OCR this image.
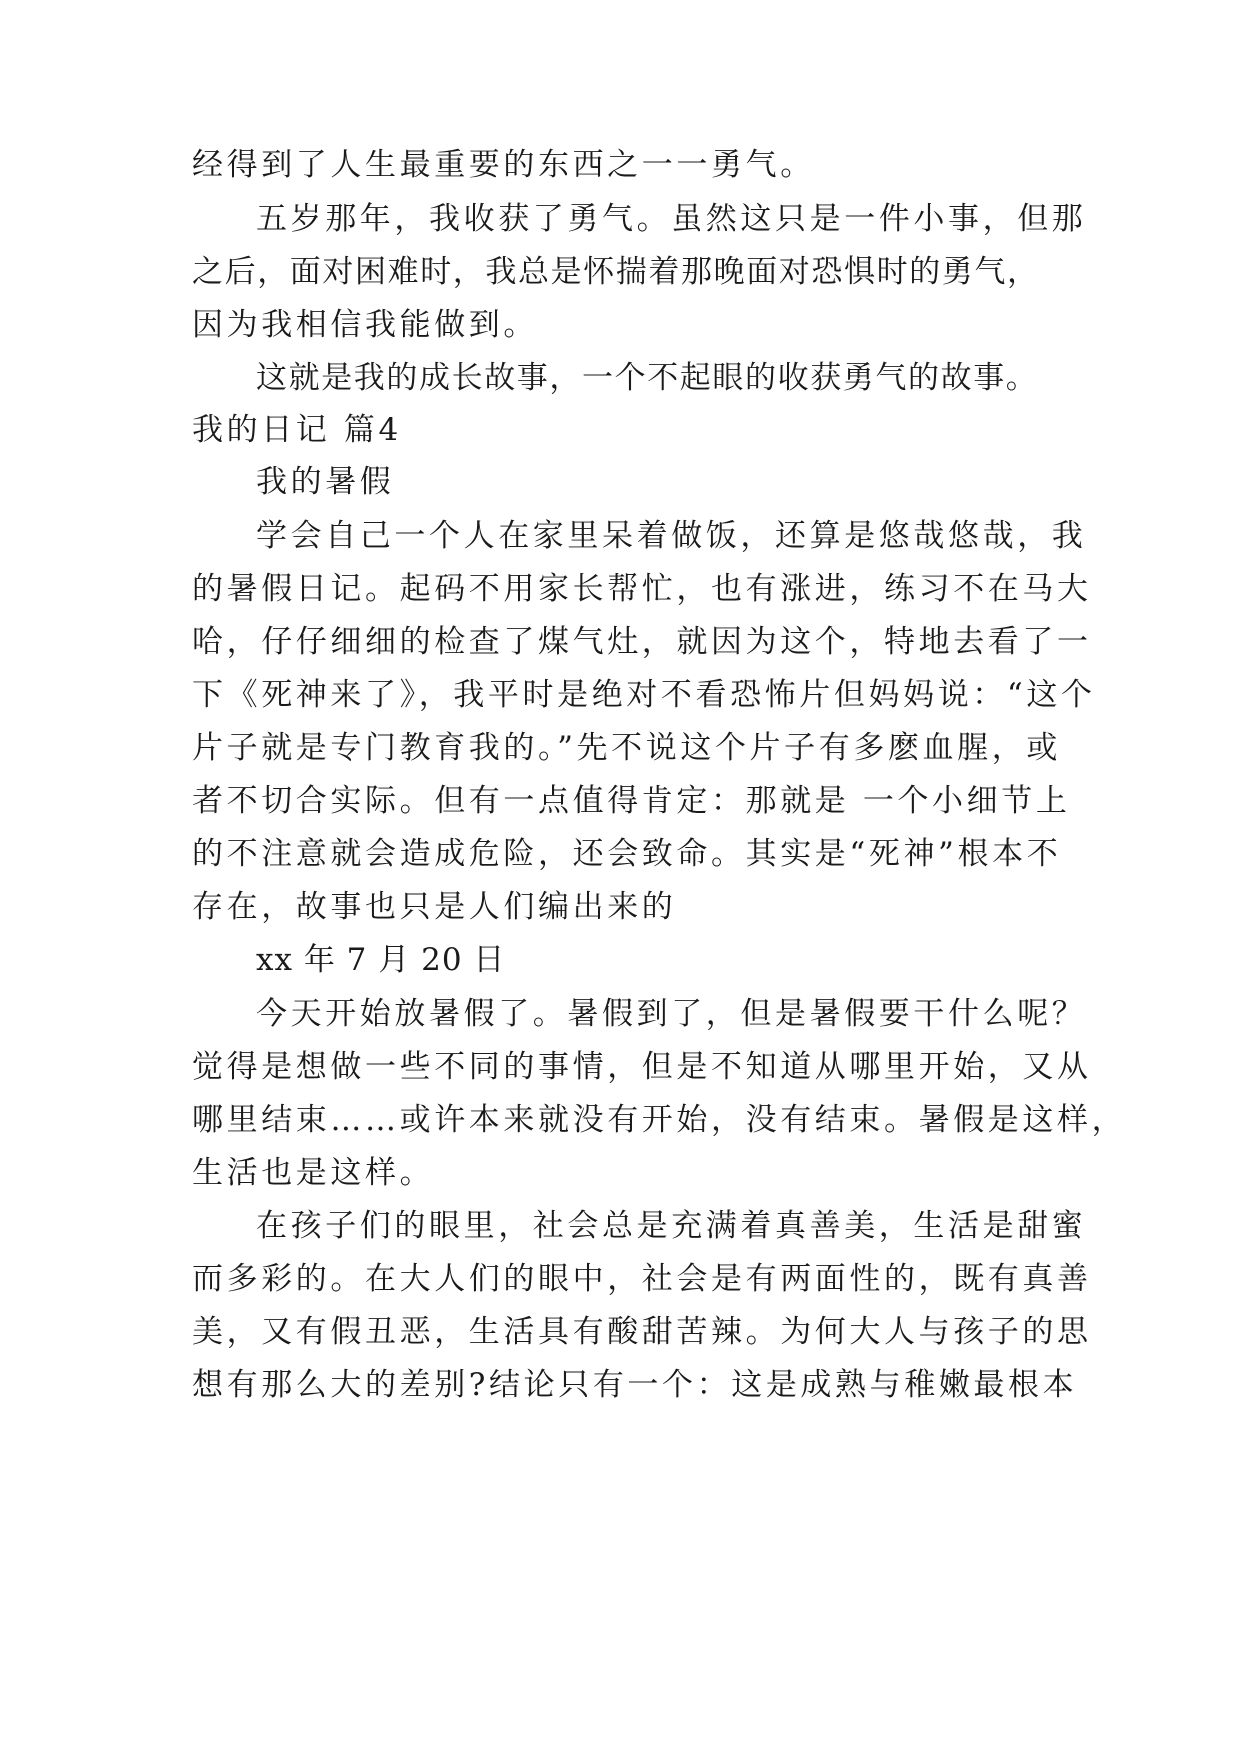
经得到了人生最重要的东西之一一勇气。
五岁那年，我收获了勇气。虽然这只是一件小事，但那
之后，面对困难时，我总是怀揣着那晚面对恐惧时的勇气，
因为我相信我能做到。
这就是我的成长故事，一个不起眼的收获勇气的故事。
我的日记 篇4
我的暑假
学会自己一个人在家里呆着做饭，还算是悠哉悠哉，我
的暑假日记。起码不用家长帮忙，也有涨进，练习不在马大
哈，仔仔细细的检查了煤气灶，就因为这个，特地去看了一
下《死神来了》，我平时是绝对不看恐怖片但妈妈说：“这个
片子就是专门教育我的。”先不说这个片子有多麽血腥，或
者不切合实际。但有一点值得肯定：那就是 一个小细节上
的不注意就会造成危险，还会致命。其实是“死神”根本不
存在，故事也只是人们编出来的
xx 年 7 月 20 日
今天开始放暑假了。暑假到了，但是暑假要干什么呢？
觉得是想做一些不同的事情，但是不知道从哪里开始，又从
哪里结束……或许本来就没有开始，没有结束。暑假是这样，
生活也是这样。
在孩子们的眼里，社会总是充满着真善美，生活是甜蜜
而多彩的。在大人们的眼中，社会是有两面性的，既有真善
美，又有假丑恶，生活具有酸甜苦辣。为何大人与孩子的思
想有那么大的差别?结论只有一个：这是成熟与稚嫩最根本
